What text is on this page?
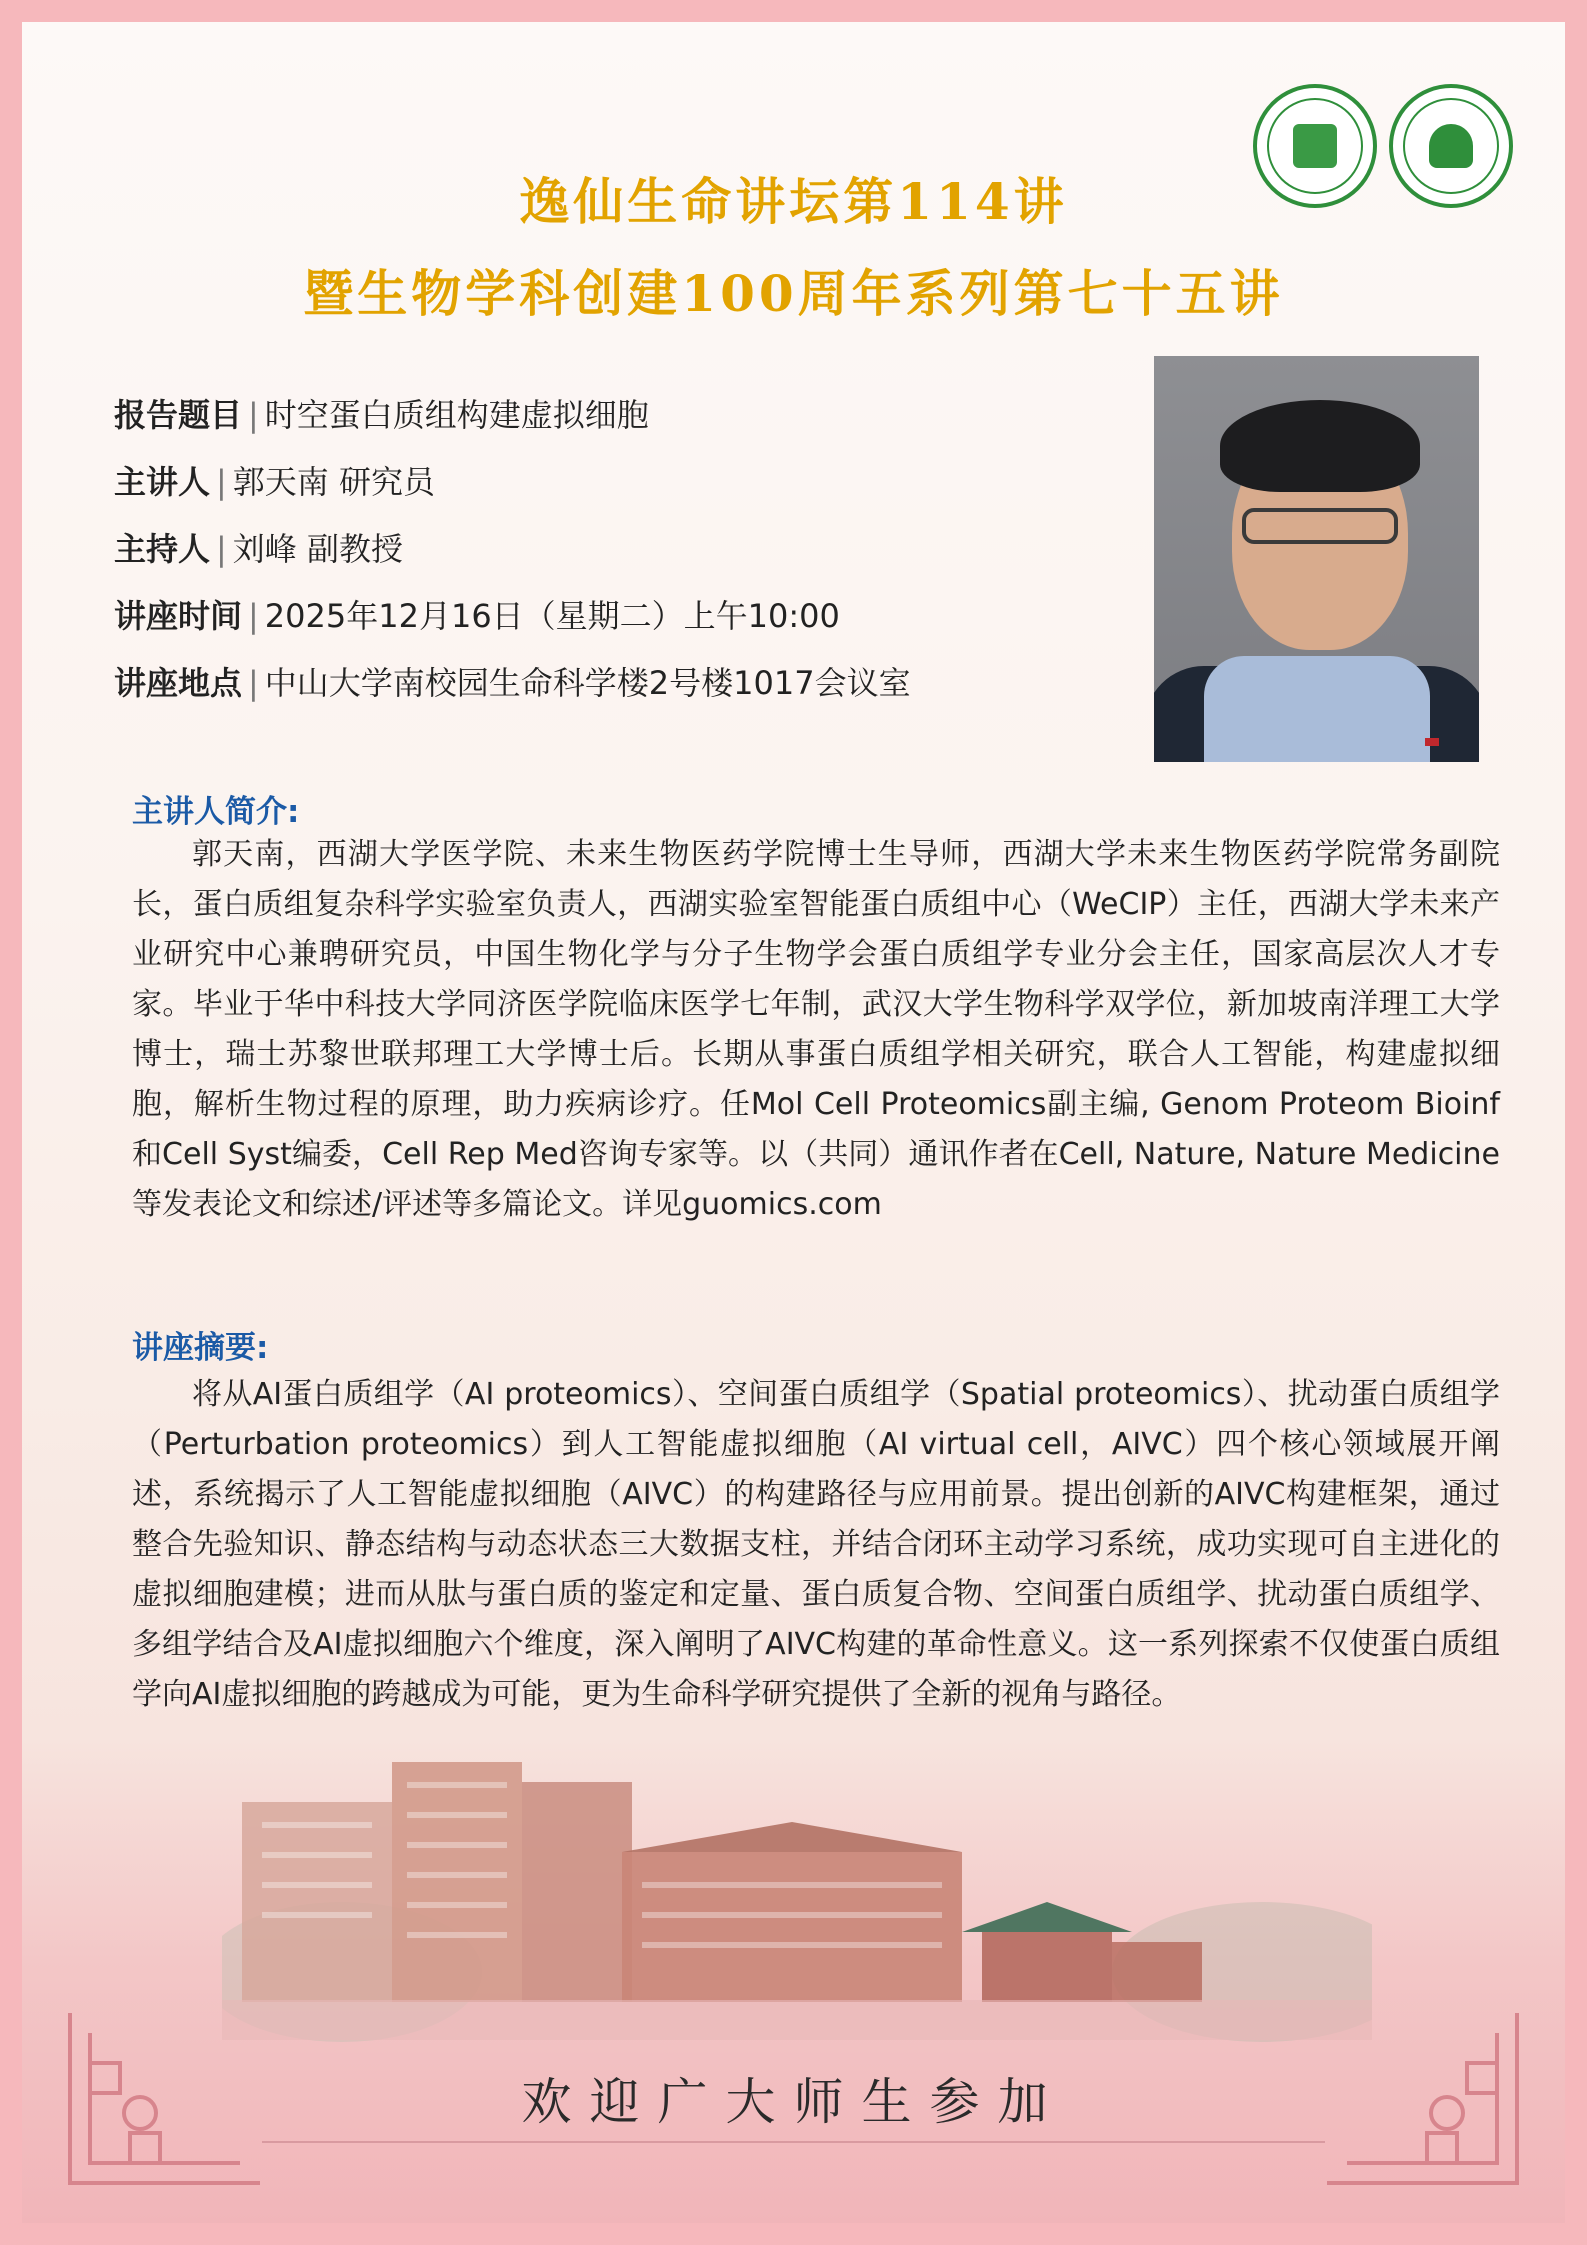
逸仙生命讲坛第114讲
暨生物学科创建100周年系列第七十五讲
报告题目 | 时空蛋白质组构建虚拟细胞
主讲人 | 郭天南 研究员
主持人 | 刘峰 副教授
讲座时间 | 2025年12月16日（星期二）上午10:00
讲座地点 | 中山大学南校园生命科学楼2号楼1017会议室
主讲人简介:
郭天南，西湖大学医学院、未来生物医药学院博士生导师，西湖大学未来生物医药学院常务副院长，蛋白质组复杂科学实验室负责人，西湖实验室智能蛋白质组中心（WeCIP）主任，西湖大学未来产业研究中心兼聘研究员，中国生物化学与分子生物学会蛋白质组学专业分会主任，国家高层次人才专家。毕业于华中科技大学同济医学院临床医学七年制，武汉大学生物科学双学位，新加坡南洋理工大学博士，瑞士苏黎世联邦理工大学博士后。长期从事蛋白质组学相关研究，联合人工智能，构建虚拟细胞，解析生物过程的原理，助力疾病诊疗。任Mol Cell Proteomics副主编, Genom Proteom Bioinf和Cell Syst编委，Cell Rep Med咨询专家等。以（共同）通讯作者在Cell, Nature, Nature Medicine等发表论文和综述/评述等多篇论文。详见guomics.com
讲座摘要:
将从AI蛋白质组学（AI proteomics）、空间蛋白质组学（Spatial proteomics）、扰动蛋白质组学（Perturbation proteomics）到人工智能虚拟细胞（AI virtual cell，AIVC）四个核心领域展开阐述，系统揭示了人工智能虚拟细胞（AIVC）的构建路径与应用前景。提出创新的AIVC构建框架，通过整合先验知识、静态结构与动态状态三大数据支柱，并结合闭环主动学习系统，成功实现可自主进化的虚拟细胞建模；进而从肽与蛋白质的鉴定和定量、蛋白质复合物、空间蛋白质组学、扰动蛋白质组学、多组学结合及AI虚拟细胞六个维度，深入阐明了AIVC构建的革命性意义。这一系列探索不仅使蛋白质组学向AI虚拟细胞的跨越成为可能，更为生命科学研究提供了全新的视角与路径。
欢迎广大师生参加
